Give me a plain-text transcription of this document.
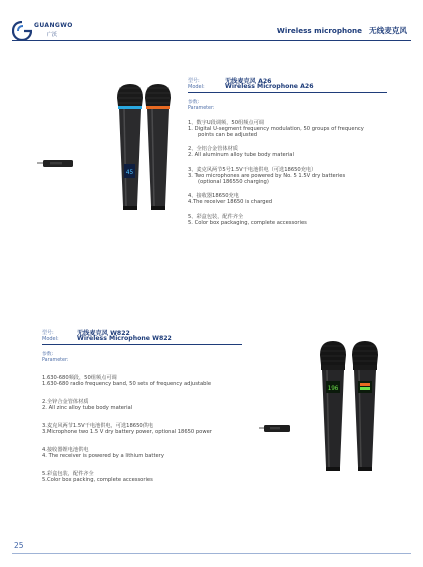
GUANGWO
广沃	Wireless microphone 无线麦克风
45
型号:
Model:
无线麦克风 A26
Wireless Microphone A26
参数:
Parameter:
1、数字U段调频，50组频点可调
1. Digital U-segment frequency modulation, 50 groups of frequency
points can be adjusted
2、全铝合金管体材质
2. All aluminum alloy tube body material
3、麦克风两节5号1.5V干电池供电（可选18650充电）
3. Two microphones are powered by No. 5 1.5V dry batteries
(optional 186550 charging)
4、接收器18650充电
4.The receiver 18650 is charged
5、彩盒包装，配件齐全
5. Color box packaging, complete accessories
型号:
Model:
无线麦克风 W822
Wireless Microphone W822
参数:
Parameter:
1.630-680频段，50组频点可调
1.630-680 radio frequency band, 50 sets of frequency adjustable
2.全锌合金管体材质
2. All zinc alloy tube body material
3.麦克风两节1.5V干电池供电，可选18650供电
3.Microphone two 1.5 V dry battery power, optional 18650 power
4.接收器锂电池供电
4. The receiver is powered by a lithium battery
5.彩盒包装，配件齐全
5.Color box packing, complete accessories
196
25
